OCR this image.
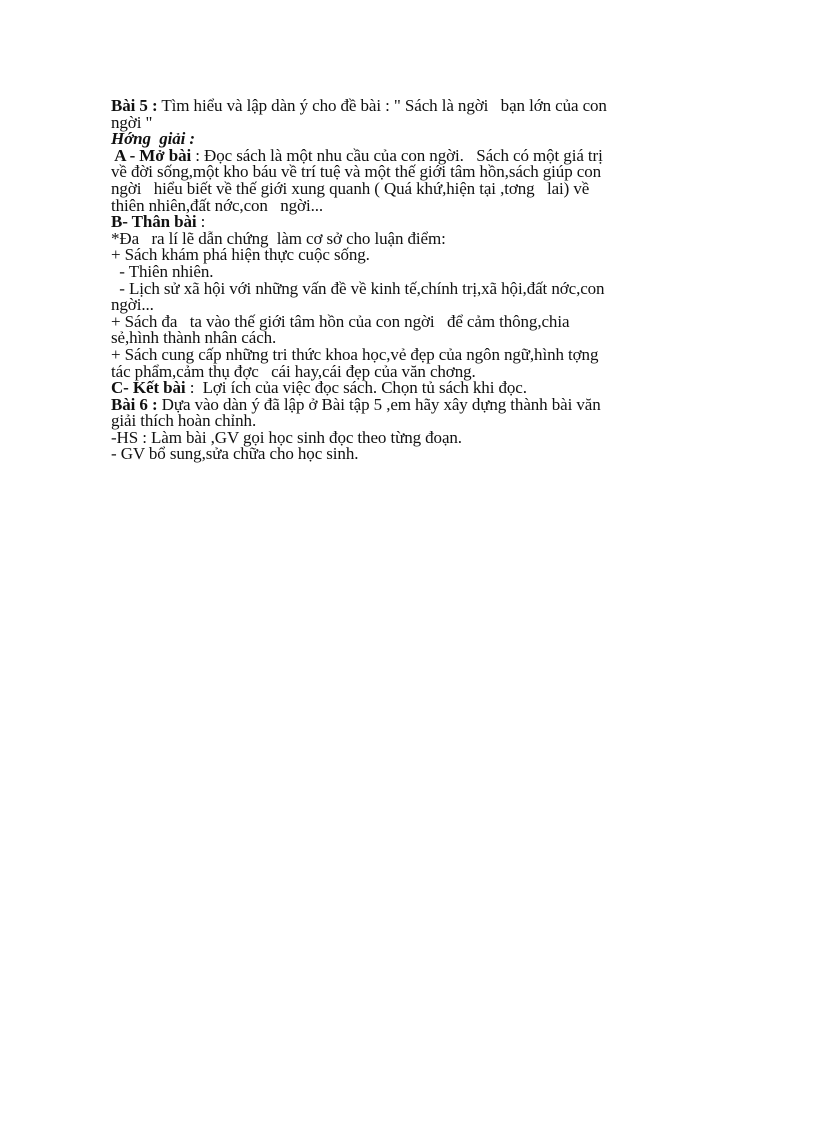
Bài 5 : Tìm hiểu và lập dàn ý cho đề bài : " Sách là ngời   bạn lớn của con
ngời "
Hớng  giải :
A - Mở bài : Đọc sách là một nhu cầu của con ngời.   Sách có một giá trị
về đời sống,một kho báu về trí tuệ và một thế giới tâm hồn,sách giúp con
ngời   hiểu biết về thế giới xung quanh ( Quá khứ,hiện tại ,tơng   lai) về
thiên nhiên,đất nớc,con   ngời...
B- Thân bài :
*Đa   ra lí lẽ dẫn chứng  làm cơ sở cho luận điểm:
+ Sách khám phá hiện thực cuộc sống.
- Thiên nhiên.
- Lịch sử xã hội với những vấn đề về kinh tế,chính trị,xã hội,đất nớc,con
ngời...
+ Sách đa   ta vào thế giới tâm hồn của con ngời   để cảm thông,chia
sẻ,hình thành nhân cách.
+ Sách cung cấp những tri thức khoa học,vẻ đẹp của ngôn ngữ,hình tợng
tác phẩm,cảm thụ đợc   cái hay,cái đẹp của văn chơng.
C- Kết bài :  Lợi ích của việc đọc sách. Chọn tủ sách khi đọc.
Bài 6 : Dựa vào dàn ý đã lập ở Bài tập 5 ,em hãy xây dựng thành bài văn
giải thích hoàn chỉnh.
-HS : Làm bài ,GV gọi học sinh đọc theo từng đoạn.
- GV bổ sung,sửa chữa cho học sinh.
